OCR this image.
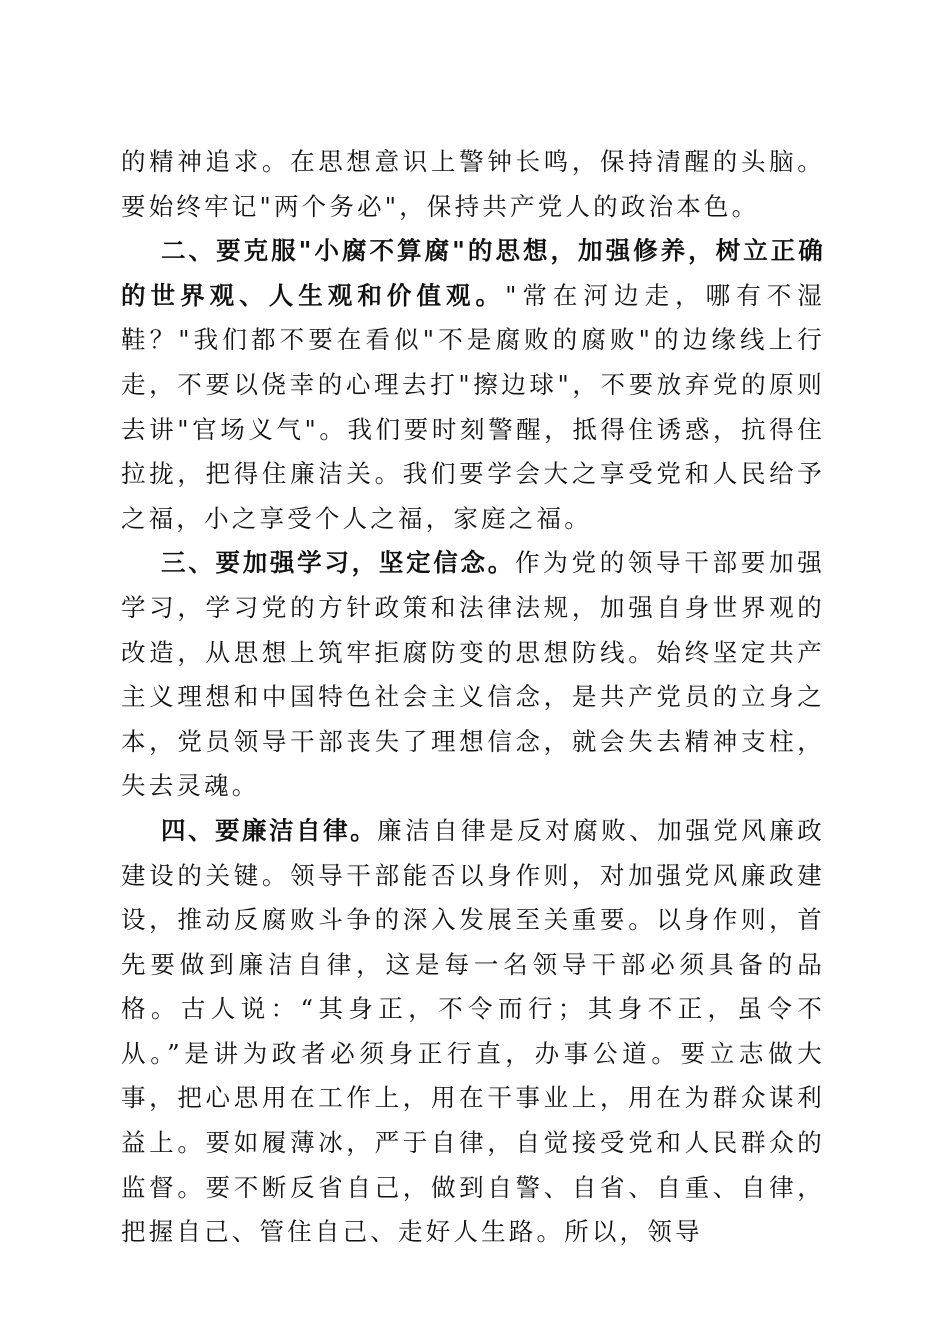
的精神追求。在思想意识上警钟长鸣，保持清醒的头脑。要始终牢记"两个务必"，保持共产党人的政治本色。

二、要克服"小腐不算腐"的思想，加强修养，树立正确的世界观、人生观和价值观。"常在河边走，哪有不湿鞋？"我们都不要在看似"不是腐败的腐败"的边缘线上行走，不要以侥幸的心理去打"擦边球"，不要放弃党的原则去讲"官场义气"。我们要时刻警醒，抵得住诱惑，抗得住拉拢，把得住廉洁关。我们要学会大之享受党和人民给予之福，小之享受个人之福，家庭之福。

三、要加强学习，坚定信念。作为党的领导干部要加强学习，学习党的方针政策和法律法规，加强自身世界观的改造，从思想上筑牢拒腐防变的思想防线。始终坚定共产主义理想和中国特色社会主义信念，是共产党员的立身之本，党员领导干部丧失了理想信念，就会失去精神支柱，失去灵魂。

四、要廉洁自律。廉洁自律是反对腐败、加强党风廉政建设的关键。领导干部能否以身作则，对加强党风廉政建设，推动反腐败斗争的深入发展至关重要。以身作则，首先要做到廉洁自律，这是每一名领导干部必须具备的品格。古人说：“其身正，不令而行；其身不正，虽令不从。”是讲为政者必须身正行直，办事公道。要立志做大事，把心思用在工作上，用在干事业上，用在为群众谋利益上。要如履薄冰，严于自律，自觉接受党和人民群众的监督。要不断反省自己，做到自警、自省、自重、自律，把握自己、管住自己、走好人生路。所以，领导
